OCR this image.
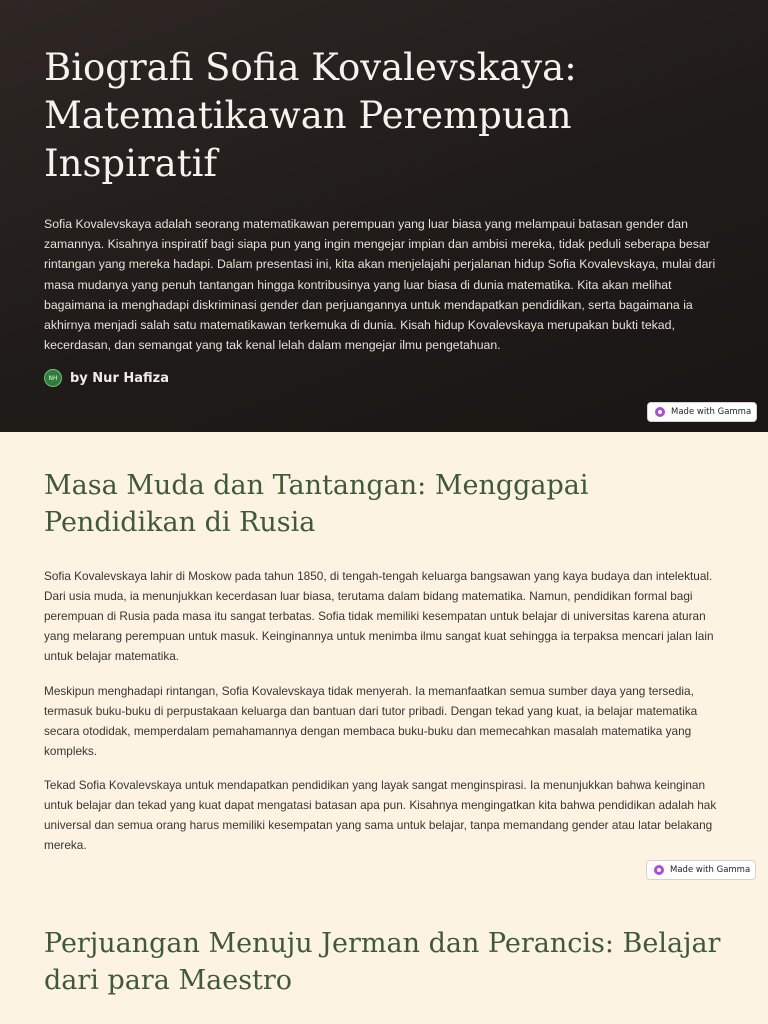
Biografi Sofia Kovalevskaya: Matematikawan Perempuan Inspiratif

Sofia Kovalevskaya adalah seorang matematikawan perempuan yang luar biasa yang melampaui batasan gender dan zamannya. Kisahnya inspiratif bagi siapa pun yang ingin mengejar impian dan ambisi mereka, tidak peduli seberapa besar rintangan yang mereka hadapi. Dalam presentasi ini, kita akan menjelajahi perjalanan hidup Sofia Kovalevskaya, mulai dari masa mudanya yang penuh tantangan hingga kontribusinya yang luar biasa di dunia matematika. Kita akan melihat bagaimana ia menghadapi diskriminasi gender dan perjuangannya untuk mendapatkan pendidikan, serta bagaimana ia akhirnya menjadi salah satu matematikawan terkemuka di dunia. Kisah hidup Kovalevskaya merupakan bukti tekad, kecerdasan, dan semangat yang tak kenal lelah dalam mengejar ilmu pengetahuan.

NH by Nur Hafiza
Made with Gamma
Masa Muda dan Tantangan: Menggapai Pendidikan di Rusia

Sofia Kovalevskaya lahir di Moskow pada tahun 1850, di tengah-tengah keluarga bangsawan yang kaya budaya dan intelektual. Dari usia muda, ia menunjukkan kecerdasan luar biasa, terutama dalam bidang matematika. Namun, pendidikan formal bagi perempuan di Rusia pada masa itu sangat terbatas. Sofia tidak memiliki kesempatan untuk belajar di universitas karena aturan yang melarang perempuan untuk masuk. Keinginannya untuk menimba ilmu sangat kuat sehingga ia terpaksa mencari jalan lain untuk belajar matematika.

Meskipun menghadapi rintangan, Sofia Kovalevskaya tidak menyerah. Ia memanfaatkan semua sumber daya yang tersedia, termasuk buku-buku di perpustakaan keluarga dan bantuan dari tutor pribadi. Dengan tekad yang kuat, ia belajar matematika secara otodidak, memperdalam pemahamannya dengan membaca buku-buku dan memecahkan masalah matematika yang kompleks.

Tekad Sofia Kovalevskaya untuk mendapatkan pendidikan yang layak sangat menginspirasi. Ia menunjukkan bahwa keinginan untuk belajar dan tekad yang kuat dapat mengatasi batasan apa pun. Kisahnya mengingatkan kita bahwa pendidikan adalah hak universal dan semua orang harus memiliki kesempatan yang sama untuk belajar, tanpa memandang gender atau latar belakang mereka.

Made with Gamma
Perjuangan Menuju Jerman dan Perancis: Belajar dari para Maestro
